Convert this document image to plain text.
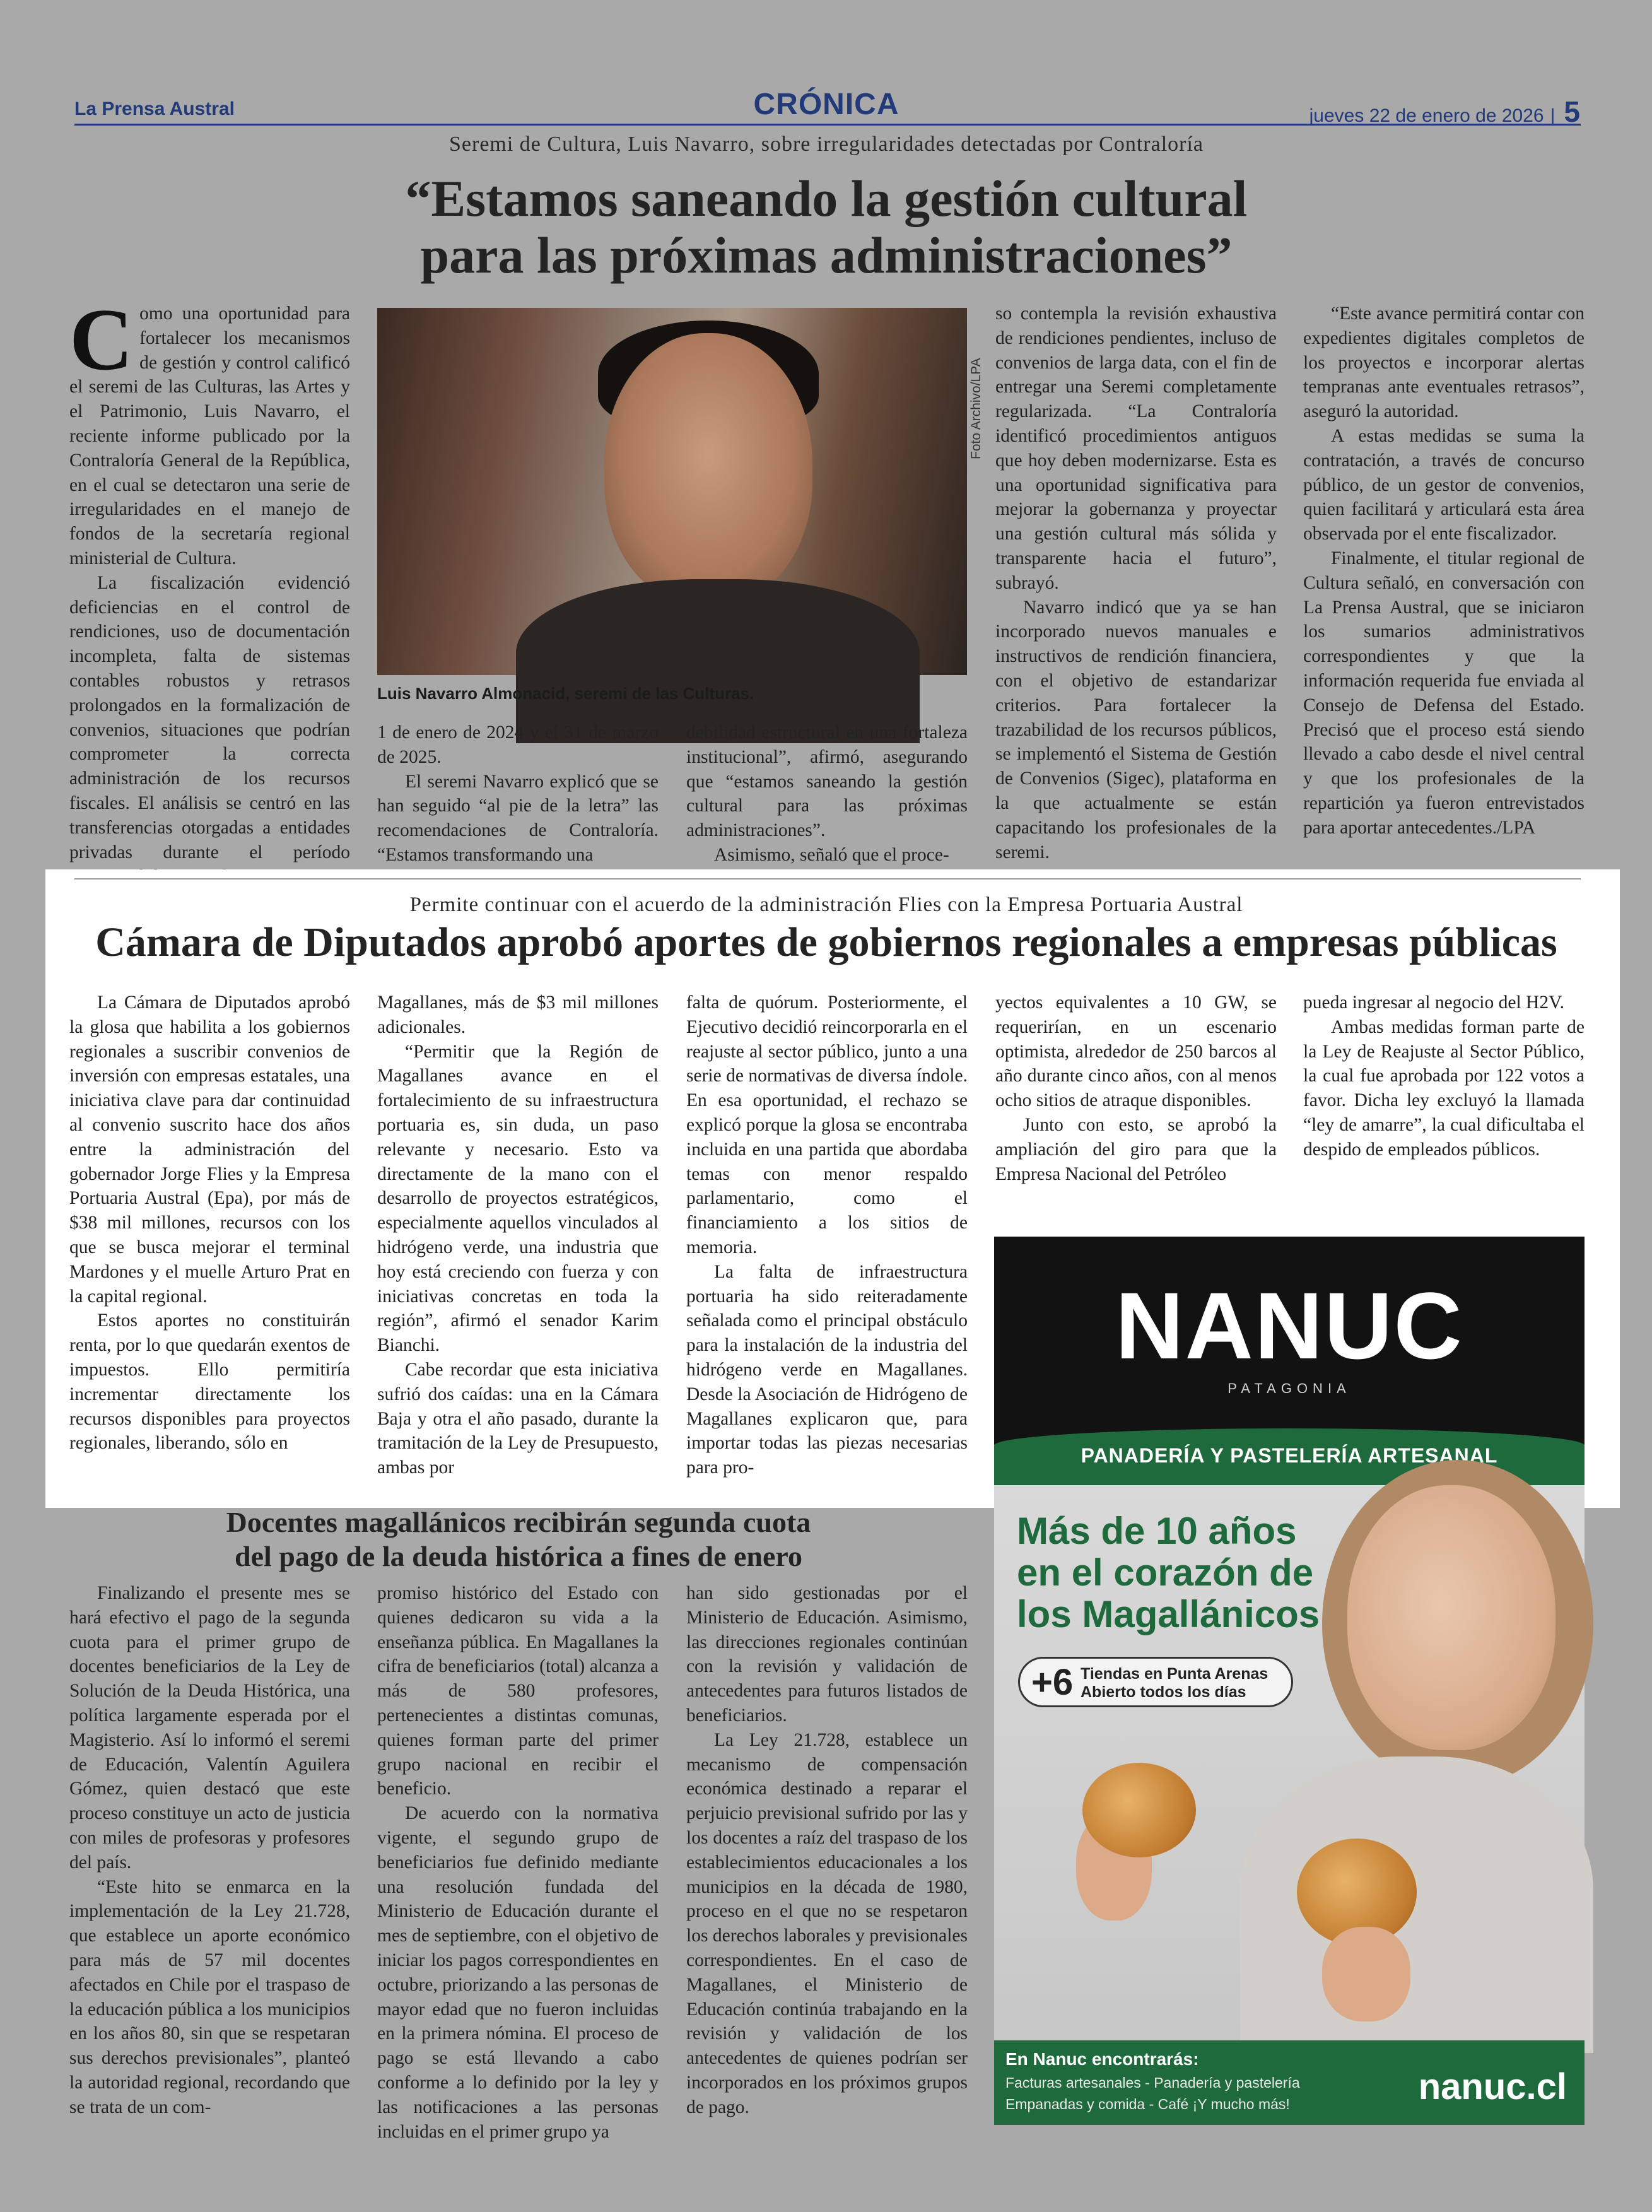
La Prensa Austral	CRÓNICA	jueves 22 de enero de 2026 | 5
Seremi de Cultura, Luis Navarro, sobre irregularidades detectadas por Contraloría
“Estamos saneando la gestión cultural
para las próximas administraciones”

Como una oportunidad para fortalecer los mecanismos de gestión y control calificó el seremi de las Culturas, las Artes y el Patrimonio, Luis Navarro, el reciente informe publicado por la Contraloría General de la República, en el cual se detectaron una serie de irregularidades en el manejo de fondos de la secretaría regional ministerial de Cultura.

La fiscalización evidenció deficiencias en el control de rendiciones, uso de documentación incompleta, falta de sistemas contables robustos y retrasos prolongados en la formalización de convenios, situaciones que podrían comprometer la correcta administración de los recursos fiscales. El análisis se centró en las transferencias otorgadas a entidades privadas durante el período

Foto Archivo/LPA
Luis Navarro Almonacid, seremi de las Culturas.

1 de enero de 2024 y el 31 de marzo de 2025.

El seremi Navarro explicó que se han seguido “al pie de la letra” las recomendaciones de Contraloría. “Estamos transformando una

debilidad estructural en una fortaleza institucional”, afirmó, asegurando que “estamos saneando la gestión cultural para las próximas administraciones”.

Asimismo, señaló que el proce-

so contempla la revisión exhaustiva de rendiciones pendientes, incluso de convenios de larga data, con el fin de entregar una Seremi completamente regularizada. “La Contraloría identificó procedimientos antiguos que hoy deben modernizarse. Esta es una oportunidad significativa para mejorar la gobernanza y proyectar una gestión cultural más sólida y transparente hacia el futuro”, subrayó.

Navarro indicó que ya se han incorporado nuevos manuales e instructivos de rendición financiera, con el objetivo de estandarizar criterios. Para fortalecer la trazabilidad de los recursos públicos, se implementó el Sistema de Gestión de Convenios (Sigec), plataforma en la que actualmente se están capacitando los profesionales de la seremi.

“Este avance permitirá contar con expedientes digitales completos de los proyectos e incorporar alertas tempranas ante eventuales retrasos”, aseguró la autoridad.

A estas medidas se suma la contratación, a través de concurso público, de un gestor de convenios, quien facilitará y articulará esta área observada por el ente fiscalizador.

Finalmente, el titular regional de Cultura señaló, en conversación con La Prensa Austral, que se iniciaron los sumarios administrativos correspondientes y que la información requerida fue enviada al Consejo de Defensa del Estado. Precisó que el proceso está siendo llevado a cabo desde el nivel central y que los profesionales de la repartición ya fueron entrevistados para aportar antecedentes./LPA

Permite continuar con el acuerdo de la administración Flies con la Empresa Portuaria Austral
Cámara de Diputados aprobó aportes de gobiernos regionales a empresas públicas

La Cámara de Diputados aprobó la glosa que habilita a los gobiernos regionales a suscribir convenios de inversión con empresas estatales, una iniciativa clave para dar continuidad al convenio suscrito hace dos años entre la administración del gobernador Jorge Flies y la Empresa Portuaria Austral (Epa), por más de $38 mil millones, recursos con los que se busca mejorar el terminal Mardones y el muelle Arturo Prat en la capital regional.

Estos aportes no constituirán renta, por lo que quedarán exentos de impuestos. Ello permitiría incrementar directamente los recursos disponibles para proyectos regionales, liberando, sólo en

Magallanes, más de $3 mil millones adicionales.

“Permitir que la Región de Magallanes avance en el fortalecimiento de su infraestructura portuaria es, sin duda, un paso relevante y necesario. Esto va directamente de la mano con el desarrollo de proyectos estratégicos, especialmente aquellos vinculados al hidrógeno verde, una industria que hoy está creciendo con fuerza y con iniciativas concretas en toda la región”, afirmó el senador Karim Bianchi.

Cabe recordar que esta iniciativa sufrió dos caídas: una en la Cámara Baja y otra el año pasado, durante la tramitación de la Ley de Presupuesto, ambas por

falta de quórum. Posteriormente, el Ejecutivo decidió reincorporarla en el reajuste al sector público, junto a una serie de normativas de diversa índole. En esa oportunidad, el rechazo se explicó porque la glosa se encontraba incluida en una partida que abordaba temas con menor respaldo parlamentario, como el financiamiento a los sitios de memoria.

La falta de infraestructura portuaria ha sido reiteradamente señalada como el principal obstáculo para la instalación de la industria del hidrógeno verde en Magallanes. Desde la Asociación de Hidrógeno de Magallanes explicaron que, para importar todas las piezas necesarias para pro-

yectos equivalentes a 10 GW, se requerirían, en un escenario optimista, alrededor de 250 barcos al año durante cinco años, con al menos ocho sitios de atraque disponibles.

Junto con esto, se aprobó la ampliación del giro para que la Empresa Nacional del Petróleo

pueda ingresar al negocio del H2V.

Ambas medidas forman parte de la Ley de Reajuste al Sector Público, la cual fue aprobada por 122 votos a favor. Dicha ley excluyó la llamada “ley de amarre”, la cual dificultaba el despido de empleados públicos.

NANUC
PATAGONIA
PANADERÍA Y PASTELERÍA ARTESANAL
Más de 10 años
en el corazón de
los Magallánicos
+6 Tiendas en Punta Arenas
Abierto todos los días
En Nanuc encontrarás:
Facturas artesanales - Panadería y pastelería
Empanadas y comida - Café ¡Y mucho más!	nanuc.cl
Docentes magallánicos recibirán segunda cuota
del pago de la deuda histórica a fines de enero

Finalizando el presente mes se hará efectivo el pago de la segunda cuota para el primer grupo de docentes beneficiarios de la Ley de Solución de la Deuda Histórica, una política largamente esperada por el Magisterio. Así lo informó el seremi de Educación, Valentín Aguilera Gómez, quien destacó que este proceso constituye un acto de justicia con miles de profesoras y profesores del país.

“Este hito se enmarca en la implementación de la Ley 21.728, que establece un aporte económico para más de 57 mil docentes afectados en Chile por el traspaso de la educación pública a los municipios en los años 80, sin que se respetaran sus derechos previsionales”, planteó la autoridad regional, recordando que se trata de un com-

promiso histórico del Estado con quienes dedicaron su vida a la enseñanza pública. En Magallanes la cifra de beneficiarios (total) alcanza a más de 580 profesores, pertenecientes a distintas comunas, quienes forman parte del primer grupo nacional en recibir el beneficio.

De acuerdo con la normativa vigente, el segundo grupo de beneficiarios fue definido mediante una resolución fundada del Ministerio de Educación durante el mes de septiembre, con el objetivo de iniciar los pagos correspondientes en octubre, priorizando a las personas de mayor edad que no fueron incluidas en la primera nómina. El proceso de pago se está llevando a cabo conforme a lo definido por la ley y las notificaciones a las personas incluidas en el primer grupo ya

han sido gestionadas por el Ministerio de Educación. Asimismo, las direcciones regionales continúan con la revisión y validación de antecedentes para futuros listados de beneficiarios.

La Ley 21.728, establece un mecanismo de compensación económica destinado a reparar el perjuicio previsional sufrido por las y los docentes a raíz del traspaso de los establecimientos educacionales a los municipios en la década de 1980, proceso en el que no se respetaron los derechos laborales y previsionales correspondientes. En el caso de Magallanes, el Ministerio de Educación continúa trabajando en la revisión y validación de los antecedentes de quienes podrían ser incorporados en los próximos grupos de pago.
